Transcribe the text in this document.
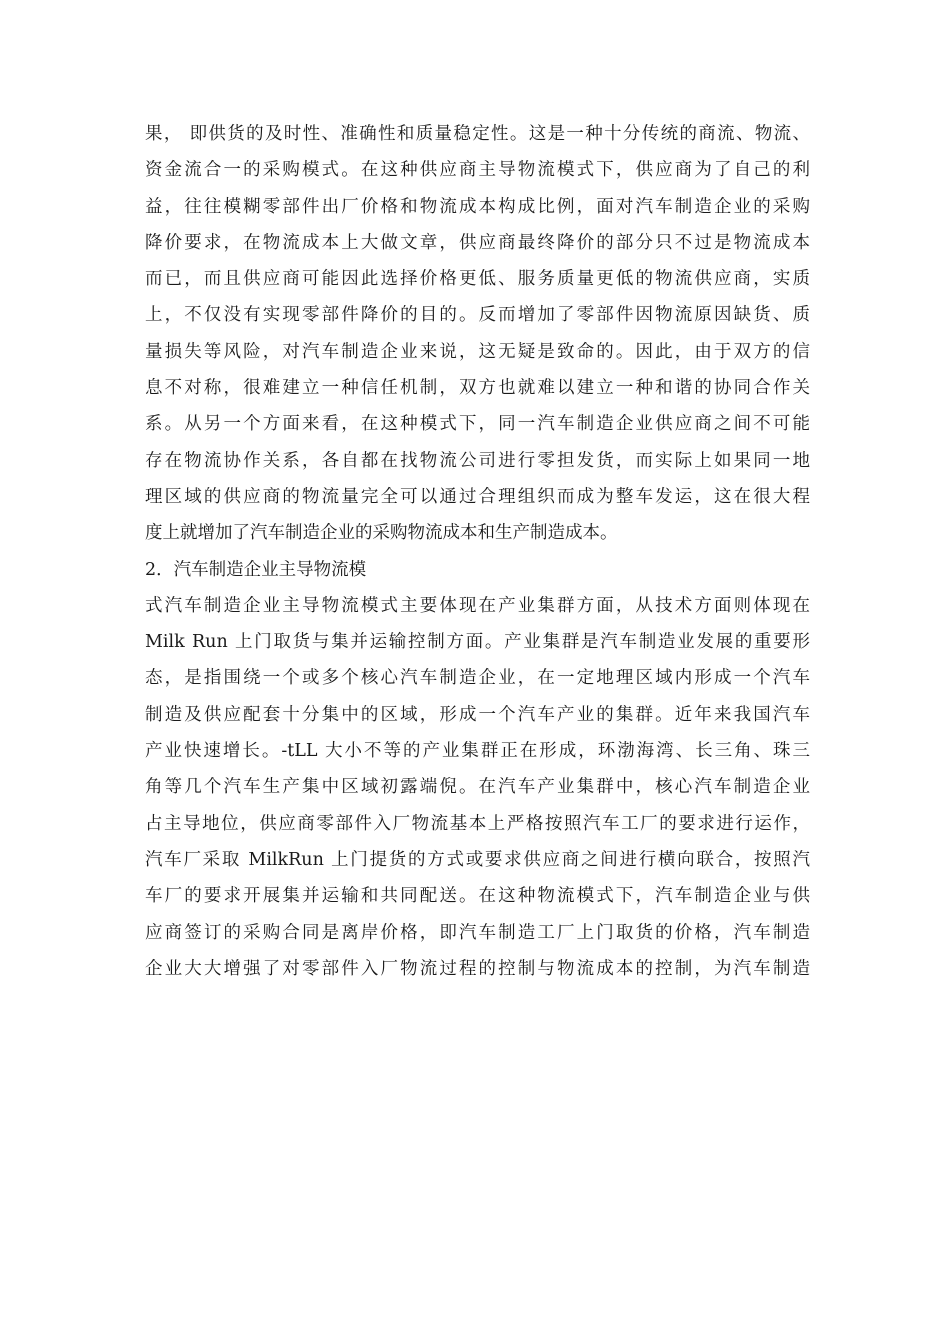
果， 即供货的及时性、准确性和质量稳定性。这是一种十分传统的商流、物流、
资金流合一的采购模式。在这种供应商主导物流模式下，供应商为了自己的利
益，往往模糊零部件出厂价格和物流成本构成比例，面对汽车制造企业的采购
降价要求，在物流成本上大做文章，供应商最终降价的部分只不过是物流成本
而已，而且供应商可能因此选择价格更低、服务质量更低的物流供应商，实质
上，不仅没有实现零部件降价的目的。反而增加了零部件因物流原因缺货、质
量损失等风险，对汽车制造企业来说，这无疑是致命的。因此，由于双方的信
息不对称，很难建立一种信任机制，双方也就难以建立一种和谐的协同合作关
系。从另一个方面来看，在这种模式下，同一汽车制造企业供应商之间不可能
存在物流协作关系，各自都在找物流公司进行零担发货，而实际上如果同一地
理区域的供应商的物流量完全可以通过合理组织而成为整车发运，这在很大程
度上就增加了汽车制造企业的采购物流成本和生产制造成本。
2．汽车制造企业主导物流模
式汽车制造企业主导物流模式主要体现在产业集群方面，从技术方面则体现在
Milk Run 上门取货与集并运输控制方面。产业集群是汽车制造业发展的重要形
态，是指围绕一个或多个核心汽车制造企业，在一定地理区域内形成一个汽车
制造及供应配套十分集中的区域，形成一个汽车产业的集群。近年来我国汽车
产业快速增长。-tLL 大小不等的产业集群正在形成，环渤海湾、长三角、珠三
角等几个汽车生产集中区域初露端倪。在汽车产业集群中，核心汽车制造企业
占主导地位，供应商零部件入厂物流基本上严格按照汽车工厂的要求进行运作，
汽车厂采取 MilkRun 上门提货的方式或要求供应商之间进行横向联合，按照汽
车厂的要求开展集并运输和共同配送。在这种物流模式下，汽车制造企业与供
应商签订的采购合同是离岸价格，即汽车制造工厂上门取货的价格，汽车制造
企业大大增强了对零部件入厂物流过程的控制与物流成本的控制，为汽车制造
